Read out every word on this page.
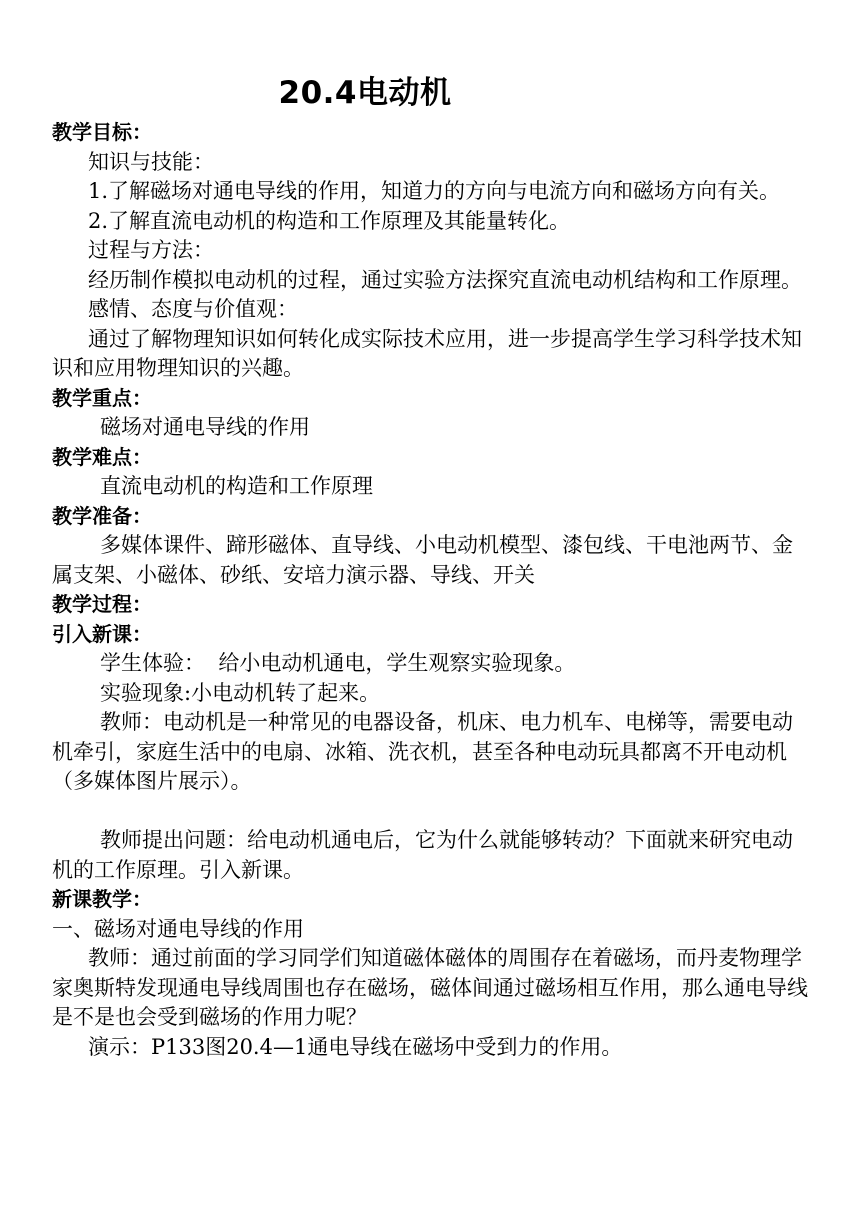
20.4电动机

教学目标：

知识与技能：

1.了解磁场对通电导线的作用，知道力的方向与电流方向和磁场方向有关。

2.了解直流电动机的构造和工作原理及其能量转化。

过程与方法：

经历制作模拟电动机的过程，通过实验方法探究直流电动机结构和工作原理。

感情、态度与价值观：

通过了解物理知识如何转化成实际技术应用，进一步提高学生学习科学技术知识和应用物理知识的兴趣。

教学重点：

磁场对通电导线的作用

教学难点：

直流电动机的构造和工作原理

教学准备：

多媒体课件、蹄形磁体、直导线、小电动机模型、漆包线、干电池两节、金属支架、小磁体、砂纸、安培力演示器、导线、开关

教学过程：

引入新课：

学生体验：  给小电动机通电，学生观察实验现象。

实验现象:小电动机转了起来。

教师：电动机是一种常见的电器设备，机床、电力机车、电梯等，需要电动机牵引，家庭生活中的电扇、冰箱、洗衣机，甚至各种电动玩具都离不开电动机（多媒体图片展示）。

教师提出问题：给电动机通电后，它为什么就能够转动？下面就来研究电动机的工作原理。引入新课。

新课教学：

一、磁场对通电导线的作用

教师：通过前面的学习同学们知道磁体磁体的周围存在着磁场，而丹麦物理学家奥斯特发现通电导线周围也存在磁场，磁体间通过磁场相互作用，那么通电导线是不是也会受到磁场的作用力呢？

演示：P133图20.4—1通电导线在磁场中受到力的作用。
